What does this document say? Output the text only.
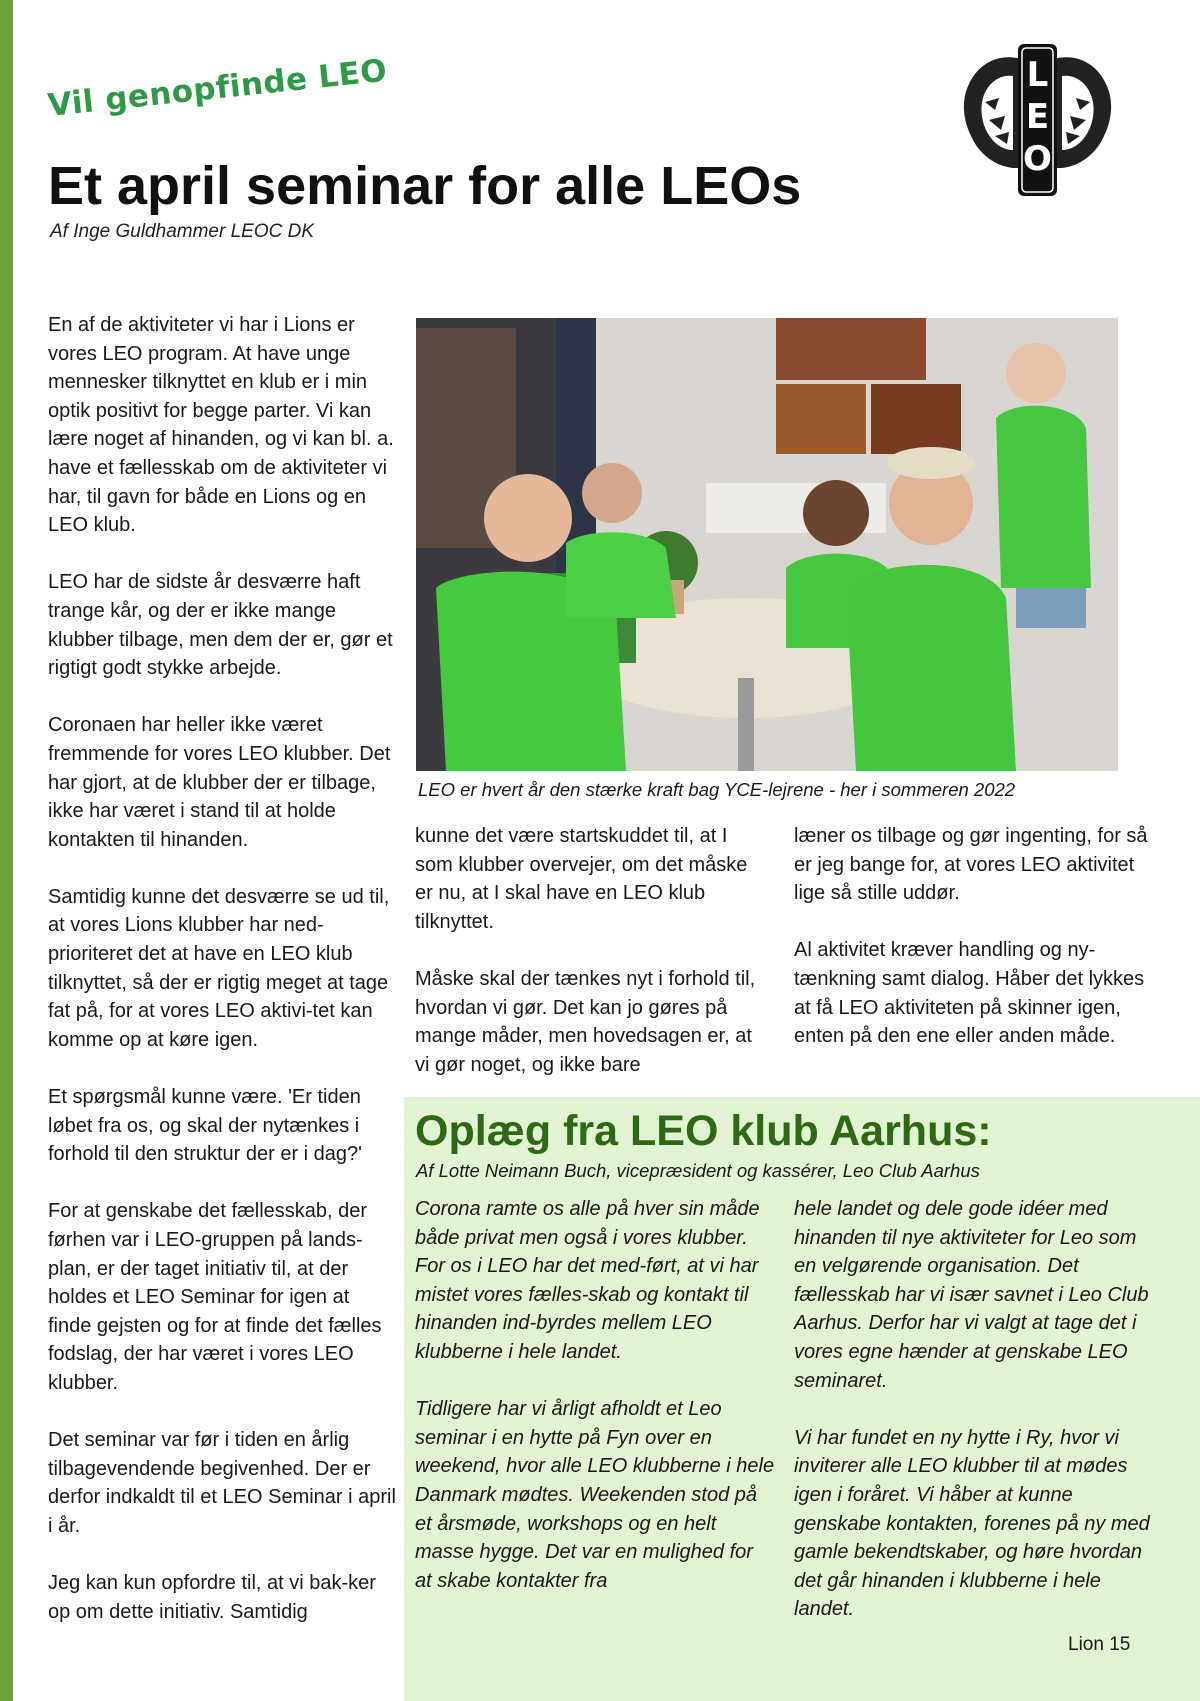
Vil genopfinde LEO
Et april seminar for alle LEOs
Af Inge Guldhammer LEOC DK
L
E
O

En af de aktiviteter vi har i Lions er vores LEO program. At have unge mennesker tilknyttet en klub er i min optik positivt for begge parter. Vi kan lære noget af hinanden, og vi kan bl. a. have et fællesskab om de aktiviteter vi har, til gavn for både en Lions og en LEO klub.

LEO har de sidste år desværre haft trange kår, og der er ikke mange klubber tilbage, men dem der er, gør et rigtigt godt stykke arbejde.

Coronaen har heller ikke været fremmende for vores LEO klubber. Det har gjort, at de klubber der er tilbage, ikke har været i stand til at holde kontakten til hinanden.

Samtidig kunne det desværre se ud til, at vores Lions klubber har ned-prioriteret det at have en LEO klub tilknyttet, så der er rigtig meget at tage fat på, for at vores LEO aktivi-tet kan komme op at køre igen.

Et spørgsmål kunne være. 'Er tiden løbet fra os, og skal der nytænkes i forhold til den struktur der er i dag?'

For at genskabe det fællesskab, der førhen var i LEO-gruppen på lands-plan, er der taget initiativ til, at der holdes et LEO Seminar for igen at finde gejsten og for at finde det fælles fodslag, der har været i vores LEO klubber.

Det seminar var før i tiden en årlig tilbagevendende begivenhed. Der er derfor indkaldt til et LEO Seminar i april i år.

Jeg kan kun opfordre til, at vi bak-ker op om dette initiativ. Samtidig

LEO er hvert år den stærke kraft bag YCE-lejrene - her i sommeren 2022

kunne det være startskuddet til, at I som klubber overvejer, om det måske er nu, at I skal have en LEO klub tilknyttet.

Måske skal der tænkes nyt i forhold til, hvordan vi gør. Det kan jo gøres på mange måder, men hovedsagen er, at vi gør noget, og ikke bare

læner os tilbage og gør ingenting, for så er jeg bange for, at vores LEO aktivitet lige så stille uddør.

Al aktivitet kræver handling og ny-tænkning samt dialog. Håber det lykkes at få LEO aktiviteten på skinner igen, enten på den ene eller anden måde.

Oplæg fra LEO klub Aarhus:
Af Lotte Neimann Buch, vicepræsident og kassérer, Leo Club Aarhus

Corona ramte os alle på hver sin måde både privat men også i vores klubber. For os i LEO har det med-ført, at vi har mistet vores fælles-skab og kontakt til hinanden ind-byrdes mellem LEO klubberne i hele landet.

Tidligere har vi årligt afholdt et Leo seminar i en hytte på Fyn over en weekend, hvor alle LEO klubberne i hele Danmark mødtes. Weekenden stod på et årsmøde, workshops og en helt masse hygge. Det var en mulighed for at skabe kontakter fra

hele landet og dele gode idéer med hinanden til nye aktiviteter for Leo som en velgørende organisation. Det fællesskab har vi især savnet i Leo Club Aarhus. Derfor har vi valgt at tage det i vores egne hænder at genskabe LEO seminaret.

Vi har fundet en ny hytte i Ry, hvor vi inviterer alle LEO klubber til at mødes igen i foråret. Vi håber at kunne genskabe kontakten, forenes på ny med gamle bekendtskaber, og høre hvordan det går hinanden i klubberne i hele landet.

Lion 15
